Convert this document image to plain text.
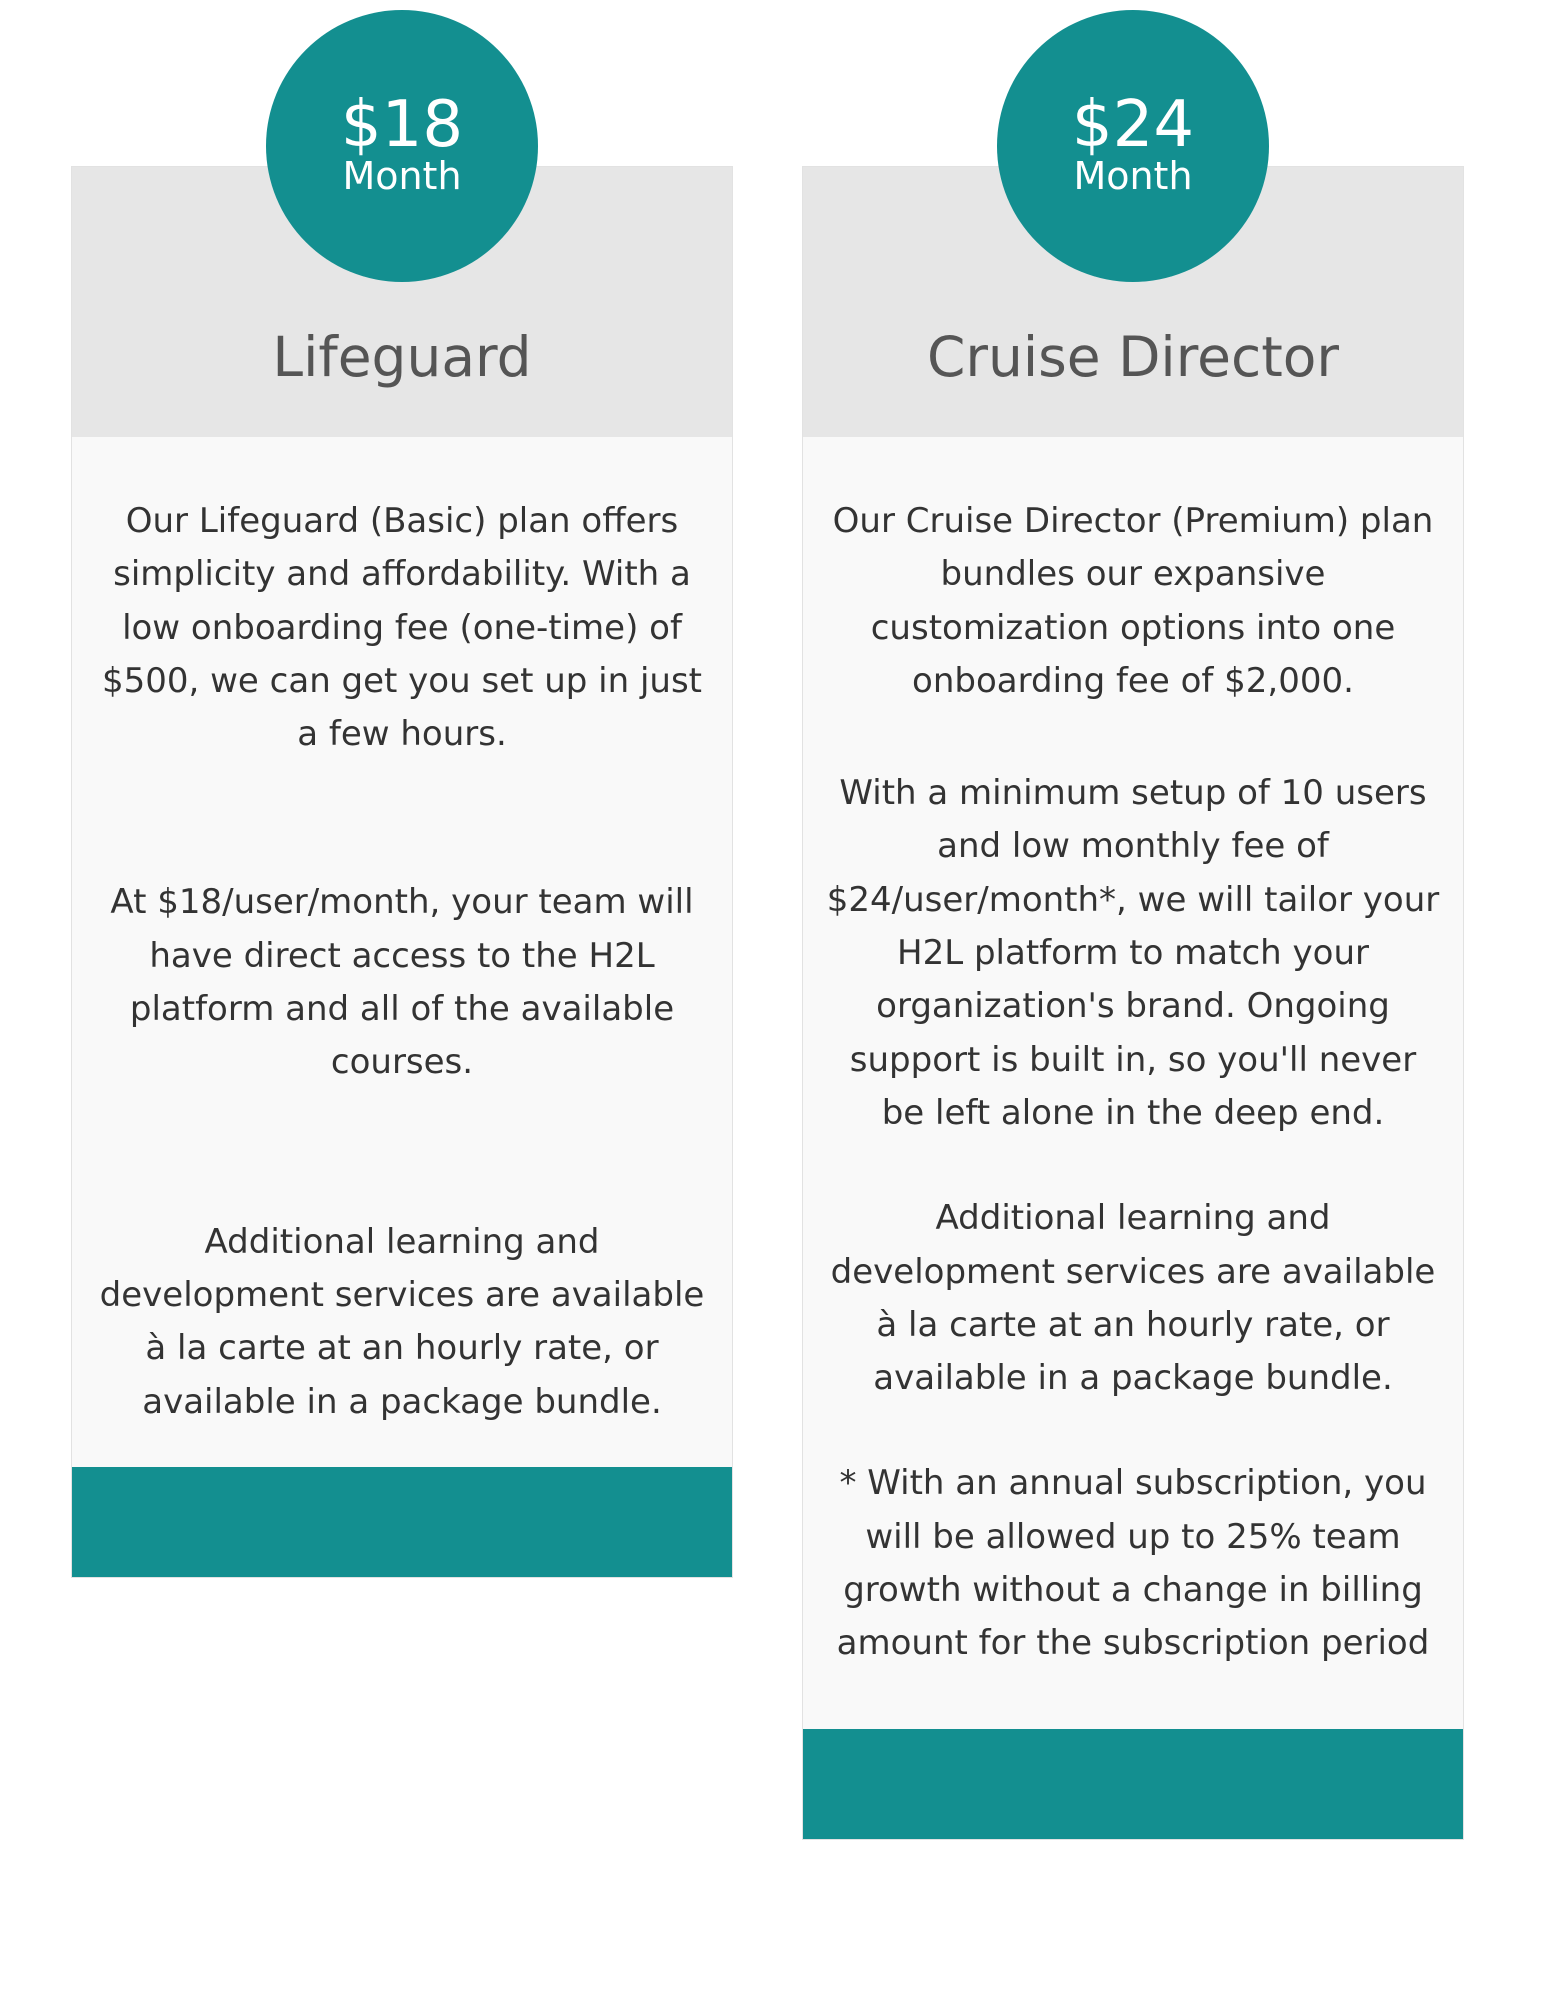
Lifeguard

Our Lifeguard (Basic) plan offers simplicity and affordability. With a low onboarding fee (one-time) of $500, we can get you set up in just a few hours.

At $18/user/month, your team will have direct access to the H2L platform and all of the available courses.

Additional learning and development services are available à la carte at an hourly rate, or available in a package bundle.

Cruise Director

Our Cruise Director (Premium) plan bundles our expansive customization options into one onboarding fee of $2,000.

With a minimum setup of 10 users and low monthly fee of $24/user/month*, we will tailor your H2L platform to match your organization's brand. Ongoing support is built in, so you'll never be left alone in the deep end.

Additional learning and development services are available à la carte at an hourly rate, or available in a package bundle.

* With an annual subscription, you will be allowed up to 25% team growth without a change in billing amount for the subscription period

$18
Month
$24
Month
